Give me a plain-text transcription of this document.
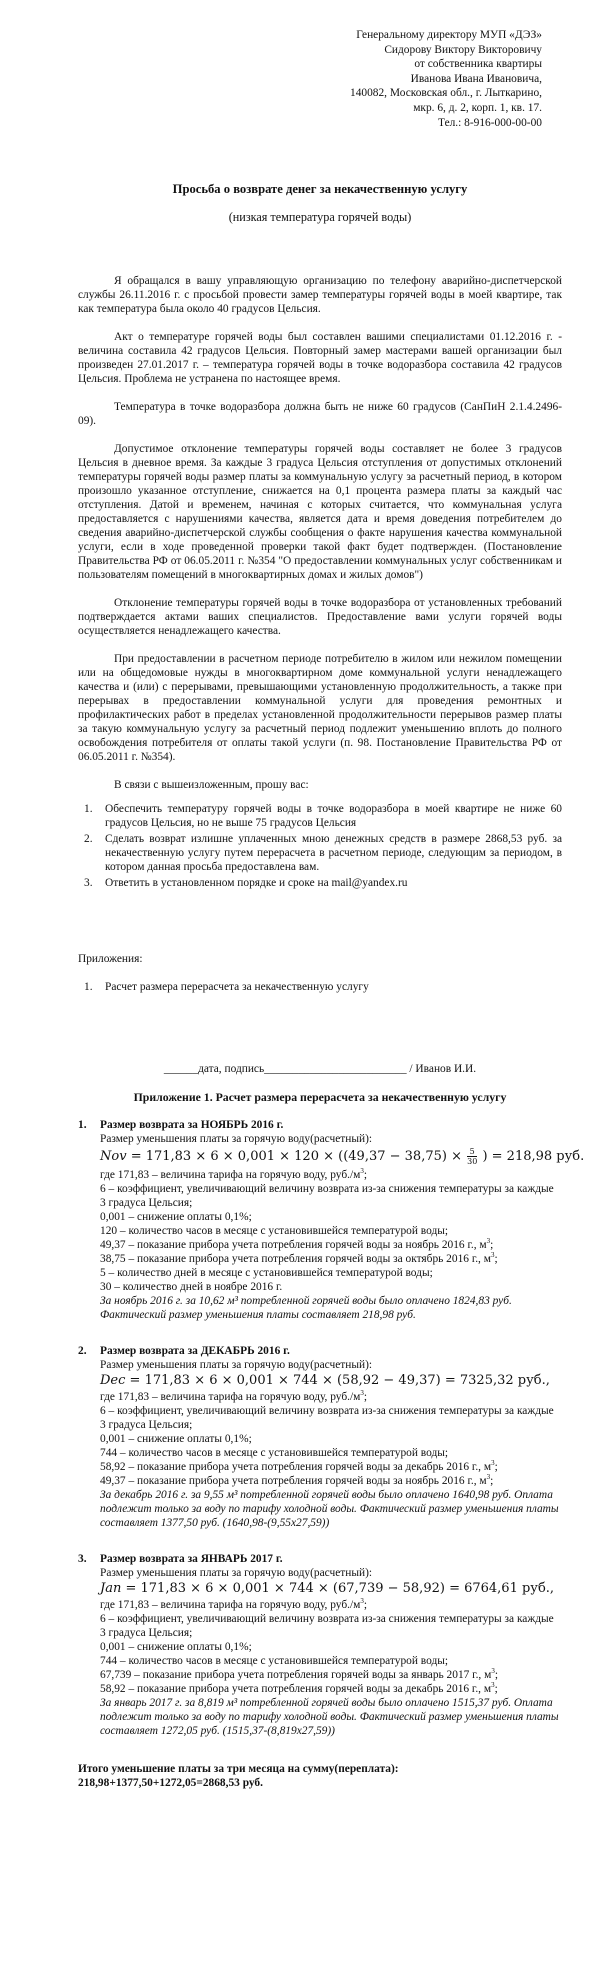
Генеральному директору МУП «ДЭЗ»
Сидорову Виктору Викторовичу
от собственника квартиры
Иванова Ивана Ивановича,
140082, Московская обл., г. Лыткарино,
мкр. 6, д. 2, корп. 1, кв. 17.
Тел.: 8-916-000-00-00
Просьба о возврате денег за некачественную услугу
(низкая температура горячей воды)

Я обращался в вашу управляющую организацию по телефону аварийно-диспетчерской службы 26.11.2016 г. с просьбой провести замер температуры горячей воды в моей квартире, так как температура была около 40 градусов Цельсия.

Акт о температуре горячей воды был составлен вашими специалистами 01.12.2016 г. - величина составила 42 градусов Цельсия. Повторный замер мастерами вашей организации был произведен 27.01.2017 г. – температура горячей воды в точке водоразбора составила 42 градусов Цельсия. Проблема не устранена по настоящее время.

Температура в точке водоразбора должна быть не ниже 60 градусов (СанПиН 2.1.4.2496-09).

Допустимое отклонение температуры горячей воды составляет не более 3 градусов Цельсия в дневное время. За каждые 3 градуса Цельсия отступления от допустимых отклонений температуры горячей воды размер платы за коммунальную услугу за расчетный период, в котором произошло указанное отступление, снижается на 0,1 процента размера платы за каждый час отступления. Датой и временем, начиная с которых считается, что коммунальная услуга предоставляется с нарушениями качества, является дата и время доведения потребителем до сведения аварийно-диспетчерской службы сообщения о факте нарушения качества коммунальной услуги, если в ходе проведенной проверки такой факт будет подтвержден. (Постановление Правительства РФ от 06.05.2011 г. №354 "О предоставлении коммунальных услуг собственникам и пользователям помещений в многоквартирных домах и жилых домов")

Отклонение температуры горячей воды в точке водоразбора от установленных требований подтверждается актами ваших специалистов. Предоставление вами услуги горячей воды осуществляется ненадлежащего качества.

При предоставлении в расчетном периоде потребителю в жилом или нежилом помещении или на общедомовые нужды в многоквартирном доме коммунальной услуги ненадлежащего качества и (или) с перерывами, превышающими установленную продолжительность, а также при перерывах в предоставлении коммунальной услуги для проведения ремонтных и профилактических работ в пределах установленной продолжительности перерывов размер платы за такую коммунальную услугу за расчетный период подлежит уменьшению вплоть до полного освобождения потребителя от оплаты такой услуги (п. 98. Постановление Правительства РФ от 06.05.2011 г. №354).

В связи с вышеизложенным, прошу вас:

1.	Обеспечить температуру горячей воды в точке водоразбора в моей квартире не ниже 60 градусов Цельсия, но не выше 75 градусов Цельсия
2.	Сделать возврат излишне уплаченных мною денежных средств в размере 2868,53 руб. за некачественную услугу путем перерасчета в расчетном периоде, следующим за периодом, в котором данная просьба предоставлена вам.
3.	Ответить в установленном порядке и сроке на mail@yandex.ru
Приложения:
1.	Расчет размера перерасчета за некачественную услугу
______дата, подпись_________________________ / Иванов И.И.
Приложение 1. Расчет размера перерасчета за некачественную услугу
1.	Размер возврата за НОЯБРЬ 2016 г.
Размер уменьшения платы за горячую воду(расчетный):
Nov = $171,83 \times 6 \times 0,001 \times 120 \times ((49,37 - 38,75) \times \frac{5}{30}$ ) = 218,98 руб.
где 171,83 – величина тарифа на горячую воду, $руб./м^3$;
6 – коэффициент, увеличивающий величину возврата из-за снижения температуры за каждые 3 градуса Цельсия;
0,001 – снижение оплаты 0,1%;
120 – количество часов в месяце с установившейся температурой воды;
49,37 – показание прибора учета потребления горячей воды за ноябрь 2016 г., $м^3$;
38,75 – показание прибора учета потребления горячей воды за октябрь 2016 г., $м^3$;
5 – количество дней в месяце с установившейся температурой воды;
30 – количество дней в ноябре 2016 г.
За ноябрь 2016 г. за 10,62 м³ потребленной горячей воды было оплачено 1824,83 руб.
Фактический размер уменьшения платы составляет 218,98 руб.
2.	Размер возврата за ДЕКАБРЬ 2016 г.
Размер уменьшения платы за горячую воду(расчетный):
Dec = 171,83 × 6 × 0,001 × 744 × (58,92 − 49,37) = 7325,32 руб.,
где 171,83 – величина тарифа на горячую воду, $руб./м^3$;
6 – коэффициент, увеличивающий величину возврата из-за снижения температуры за каждые 3 градуса Цельсия;
0,001 – снижение оплаты 0,1%;
744 – количество часов в месяце с установившейся температурой воды;
58,92 – показание прибора учета потребления горячей воды за декабрь 2016 г., $м^3$;
49,37 – показание прибора учета потребления горячей воды за ноябрь 2016 г., $м^3$;
За декабрь 2016 г. за 9,55 м³ потребленной горячей воды было оплачено 1640,98 руб. Оплата подлежит только за воду по тарифу холодной воды. Фактический размер уменьшения платы составляет 1377,50 руб. (1640,98-(9,55х27,59))
3.	Размер возврата за ЯНВАРЬ 2017 г.
Размер уменьшения платы за горячую воду(расчетный):
Jan = 171,83 × 6 × 0,001 × 744 × (67,739 − 58,92) = 6764,61 руб.,
где 171,83 – величина тарифа на горячую воду, $руб./м^3$;
6 – коэффициент, увеличивающий величину возврата из-за снижения температуры за каждые 3 градуса Цельсия;
0,001 – снижение оплаты 0,1%;
744 – количество часов в месяце с установившейся температурой воды;
67,739 – показание прибора учета потребления горячей воды за январь 2017 г., $м^3$;
58,92 – показание прибора учета потребления горячей воды за декабрь 2016 г., $м^3$;
За январь 2017 г. за 8,819 м³ потребленной горячей воды было оплачено 1515,37 руб. Оплата подлежит только за воду по тарифу холодной воды. Фактический размер уменьшения платы составляет 1272,05 руб. (1515,37-(8,819х27,59))
Итого уменьшение платы за три месяца на сумму(переплата):
218,98+1377,50+1272,05=2868,53 руб.
